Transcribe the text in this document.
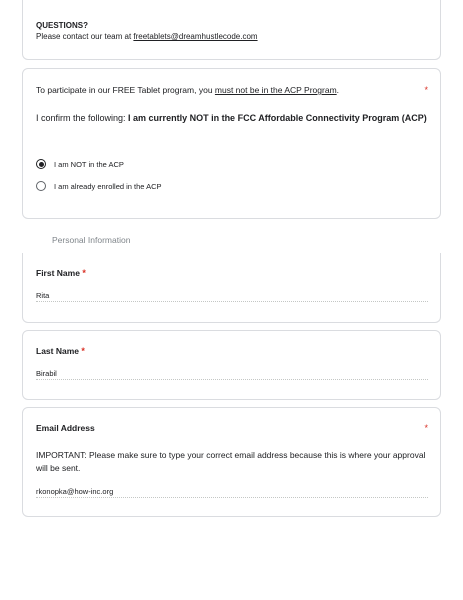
QUESTIONS?
Please contact our team at freetablets@dreamhustlecode.com
To participate in our FREE Tablet program, you must not be in the ACP Program.	*
I confirm the following: I am currently NOT in the FCC Affordable Connectivity Program (ACP)
I am NOT in the ACP
I am already enrolled in the ACP
Personal Information
First Name *
Rita
Last Name *
Birabil
Email Address	*
IMPORTANT: Please make sure to type your correct email address because this is where your approval will be sent.
rkonopka@how-inc.org
